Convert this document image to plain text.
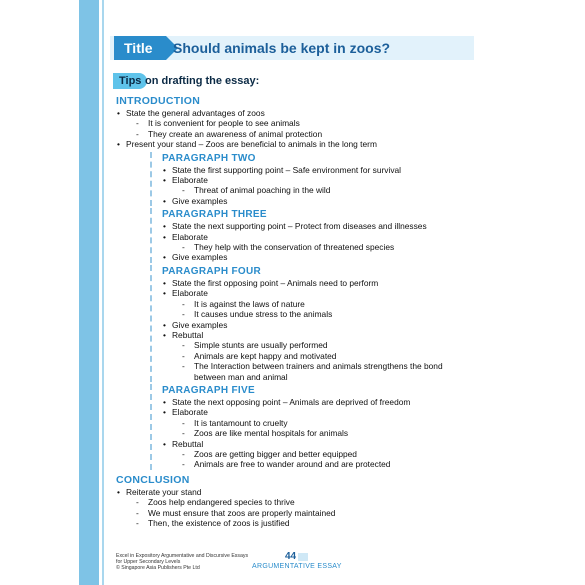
Title	Should animals be kept in zoos?
Tips on drafting the essay:
INTRODUCTION
• State the general advantages of zoos
- It is convenient for people to see animals
- They create an awareness of animal protection
• Present your stand – Zoos are beneficial to animals in the long term
PARAGRAPH TWO
• State the first supporting point – Safe environment for survival
• Elaborate
- Threat of animal poaching in the wild
• Give examples
PARAGRAPH THREE
• State the next supporting point – Protect from diseases and illnesses
• Elaborate
- They help with the conservation of threatened species
• Give examples
PARAGRAPH FOUR
• State the first opposing point – Animals need to perform
• Elaborate
- It is against the laws of nature
- It causes undue stress to the animals
• Give examples
• Rebuttal
- Simple stunts are usually performed
- Animals are kept happy and motivated
- The Interaction between trainers and animals strengthens the bond between man and animal
PARAGRAPH FIVE
• State the next opposing point – Animals are deprived of freedom
• Elaborate
- It is tantamount to cruelty
- Zoos are like mental hospitals for animals
• Rebuttal
- Zoos are getting bigger and better equipped
- Animals are free to wander around and are protected
CONCLUSION
• Reiterate your stand
- Zoos help endangered species to thrive
- We must ensure that zoos are properly maintained
- Then, the existence of zoos is justified
Excel in Expository Argumentative and Discursive Essays
for Upper Secondary Levels
© Singapore Asia Publishers Pte Ltd
44
ARGUMENTATIVE ESSAY
